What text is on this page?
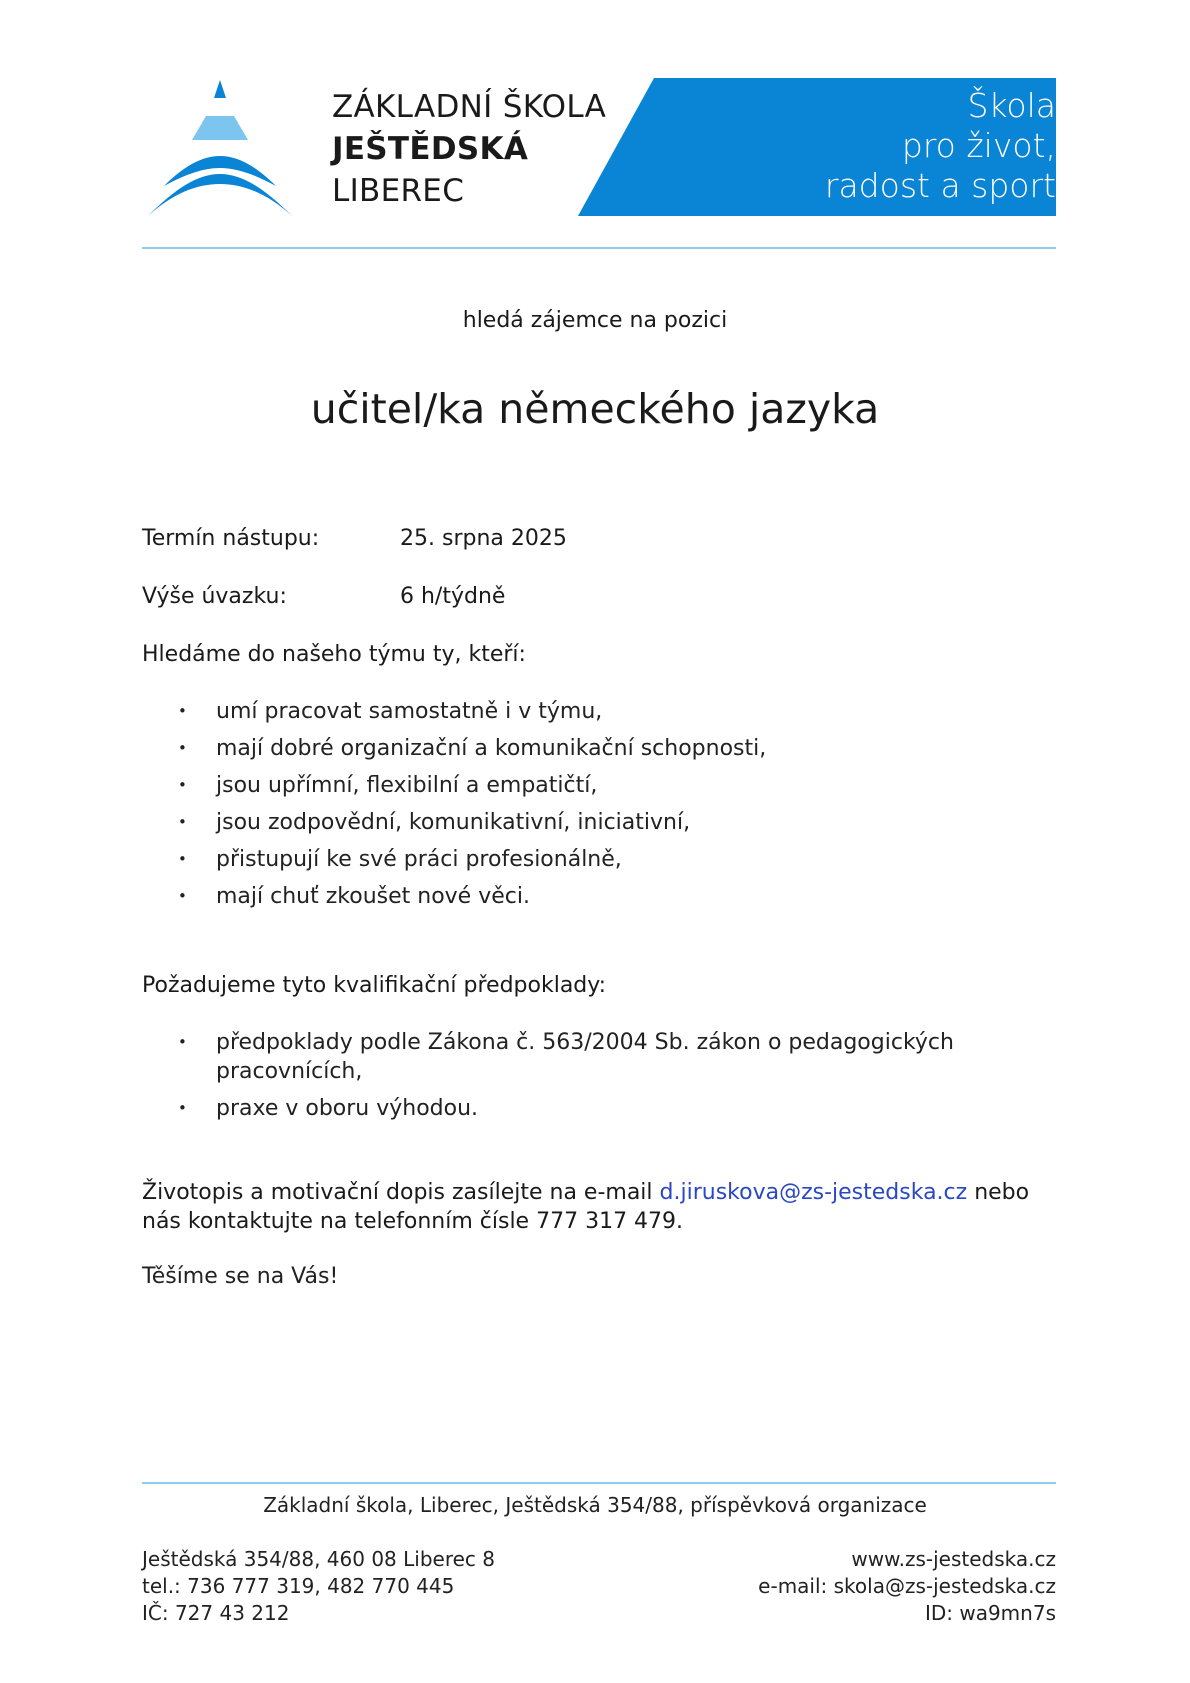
ZÁKLADNÍ ŠKOLA
JEŠTĚDSKÁ
LIBEREC
Škola
pro život,
radost a sport
hledá zájemce na pozici
učitel/ka německého jazyka
Termín nástupu:	25. srpna 2025
Výše úvazku:	6 h/týdně
Hledáme do našeho týmu ty, kteří:
• umí pracovat samostatně i v týmu,
• mají dobré organizační a komunikační schopnosti,
• jsou upřímní, flexibilní a empatičtí,
• jsou zodpovědní, komunikativní, iniciativní,
• přistupují ke své práci profesionálně,
• mají chuť zkoušet nové věci.
Požadujeme tyto kvalifikační předpoklady:
• předpoklady podle Zákona č. 563/2004 Sb. zákon o pedagogických pracovnících,
• praxe v oboru výhodou.
Životopis a motivační dopis zasílejte na e-mail d.jiruskova@zs-jestedska.cz nebo nás kontaktujte na telefonním čísle 777 317 479.
Těšíme se na Vás!
Základní škola, Liberec, Ještědská 354/88, příspěvková organizace
Ještědská 354/88, 460 08 Liberec 8
tel.: 736 777 319, 482 770 445
IČ: 727 43 212
www.zs-jestedska.cz
e-mail: skola@zs-jestedska.cz
ID: wa9mn7s
